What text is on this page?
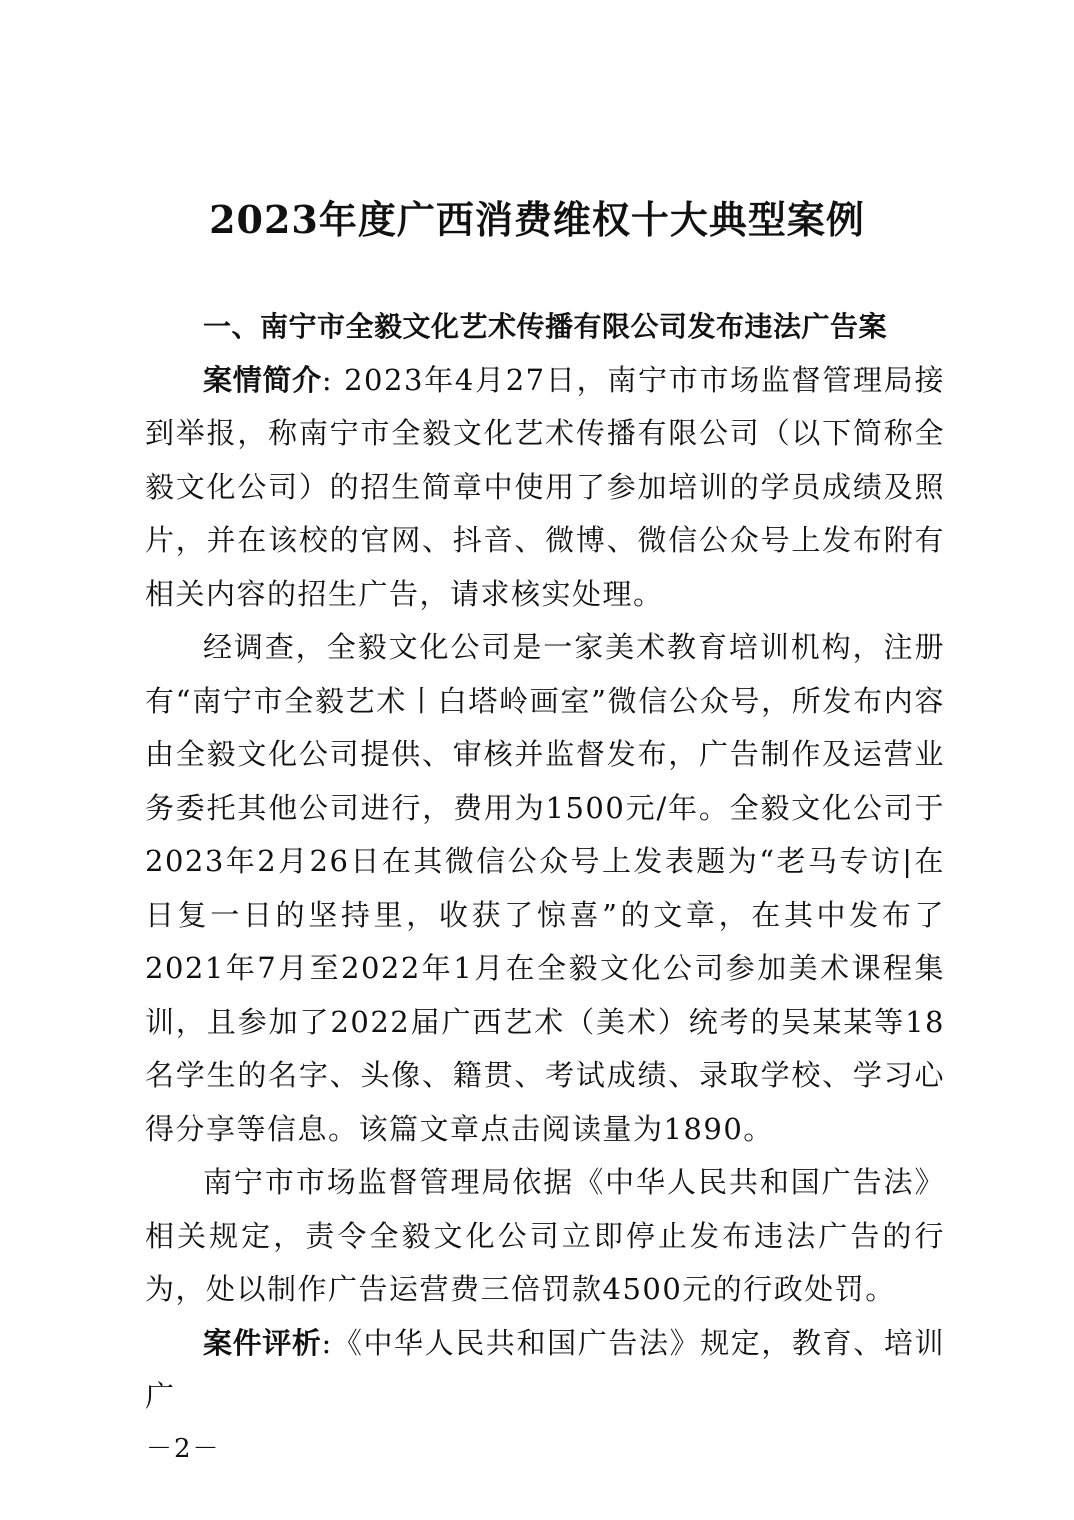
2023年度广西消费维权十大典型案例

一、南宁市全毅文化艺术传播有限公司发布违法广告案

案情简介: 2023年4月27日，南宁市市场监督管理局接到举报，称南宁市全毅文化艺术传播有限公司（以下简称全毅文化公司）的招生简章中使用了参加培训的学员成绩及照片，并在该校的官网、抖音、微博、微信公众号上发布附有相关内容的招生广告，请求核实处理。

经调查，全毅文化公司是一家美术教育培训机构，注册有“南宁市全毅艺术丨白塔岭画室”微信公众号，所发布内容由全毅文化公司提供、审核并监督发布，广告制作及运营业务委托其他公司进行，费用为1500元/年。全毅文化公司于2023年2月26日在其微信公众号上发表题为“老马专访|在日复一日的坚持里，收获了惊喜”的文章，在其中发布了2021年7月至2022年1月在全毅文化公司参加美术课程集训，且参加了2022届广西艺术（美术）统考的吴某某等18名学生的名字、头像、籍贯、考试成绩、录取学校、学习心得分享等信息。该篇文章点击阅读量为1890。

南宁市市场监督管理局依据《中华人民共和国广告法》相关规定，责令全毅文化公司立即停止发布违法广告的行为，处以制作广告运营费三倍罚款4500元的行政处罚。

案件评析:《中华人民共和国广告法》规定，教育、培训广

－2－
